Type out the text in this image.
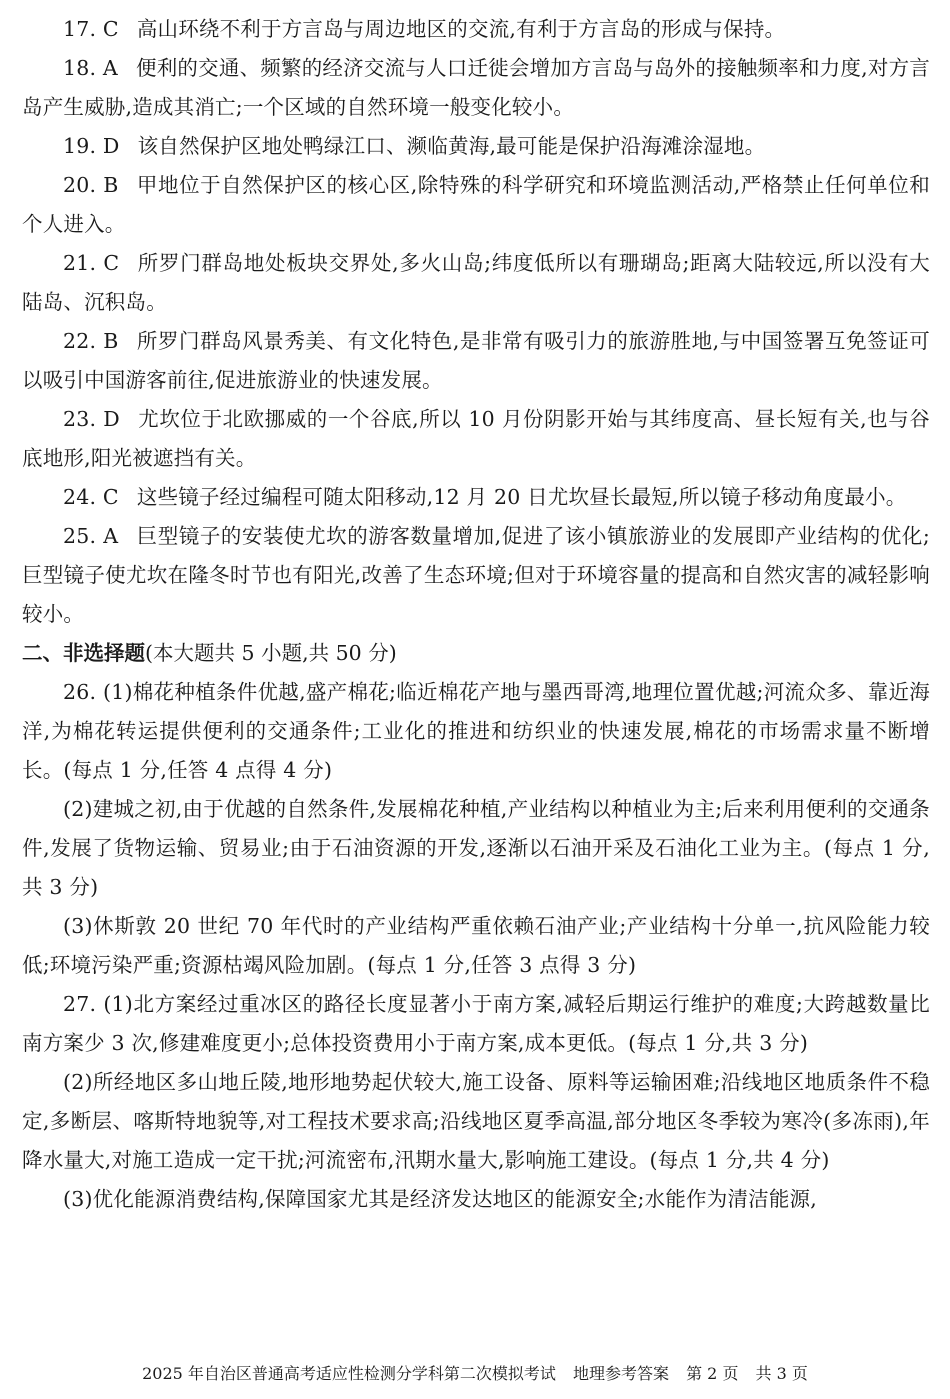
17. C 高山环绕不利于方言岛与周边地区的交流,有利于方言岛的形成与保持。

18. A 便利的交通、频繁的经济交流与人口迁徙会增加方言岛与岛外的接触频率和力度,对方言岛产生威胁,造成其消亡;一个区域的自然环境一般变化较小。

19. D 该自然保护区地处鸭绿江口、濒临黄海,最可能是保护沿海滩涂湿地。

20. B 甲地位于自然保护区的核心区,除特殊的科学研究和环境监测活动,严格禁止任何单位和个人进入。

21. C 所罗门群岛地处板块交界处,多火山岛;纬度低所以有珊瑚岛;距离大陆较远,所以没有大陆岛、沉积岛。

22. B 所罗门群岛风景秀美、有文化特色,是非常有吸引力的旅游胜地,与中国签署互免签证可以吸引中国游客前往,促进旅游业的快速发展。

23. D 尤坎位于北欧挪威的一个谷底,所以 10 月份阴影开始与其纬度高、昼长短有关,也与谷底地形,阳光被遮挡有关。

24. C 这些镜子经过编程可随太阳移动,12 月 20 日尤坎昼长最短,所以镜子移动角度最小。

25. A 巨型镜子的安装使尤坎的游客数量增加,促进了该小镇旅游业的发展即产业结构的优化;巨型镜子使尤坎在隆冬时节也有阳光,改善了生态环境;但对于环境容量的提高和自然灾害的减轻影响较小。

二、非选择题(本大题共 5 小题,共 50 分)

26. (1)棉花种植条件优越,盛产棉花;临近棉花产地与墨西哥湾,地理位置优越;河流众多、靠近海洋,为棉花转运提供便利的交通条件;工业化的推进和纺织业的快速发展,棉花的市场需求量不断增长。(每点 1 分,任答 4 点得 4 分)

(2)建城之初,由于优越的自然条件,发展棉花种植,产业结构以种植业为主;后来利用便利的交通条件,发展了货物运输、贸易业;由于石油资源的开发,逐渐以石油开采及石油化工业为主。(每点 1 分,共 3 分)

(3)休斯敦 20 世纪 70 年代时的产业结构严重依赖石油产业;产业结构十分单一,抗风险能力较低;环境污染严重;资源枯竭风险加剧。(每点 1 分,任答 3 点得 3 分)

27. (1)北方案经过重冰区的路径长度显著小于南方案,减轻后期运行维护的难度;大跨越数量比南方案少 3 次,修建难度更小;总体投资费用小于南方案,成本更低。(每点 1 分,共 3 分)

(2)所经地区多山地丘陵,地形地势起伏较大,施工设备、原料等运输困难;沿线地区地质条件不稳定,多断层、喀斯特地貌等,对工程技术要求高;沿线地区夏季高温,部分地区冬季较为寒冷(多冻雨),年降水量大,对施工造成一定干扰;河流密布,汛期水量大,影响施工建设。(每点 1 分,共 4 分)

(3)优化能源消费结构,保障国家尤其是经济发达地区的能源安全;水能作为清洁能源,

2025 年自治区普通高考适应性检测分学科第二次模拟考试 地理参考答案 第 2 页 共 3 页
